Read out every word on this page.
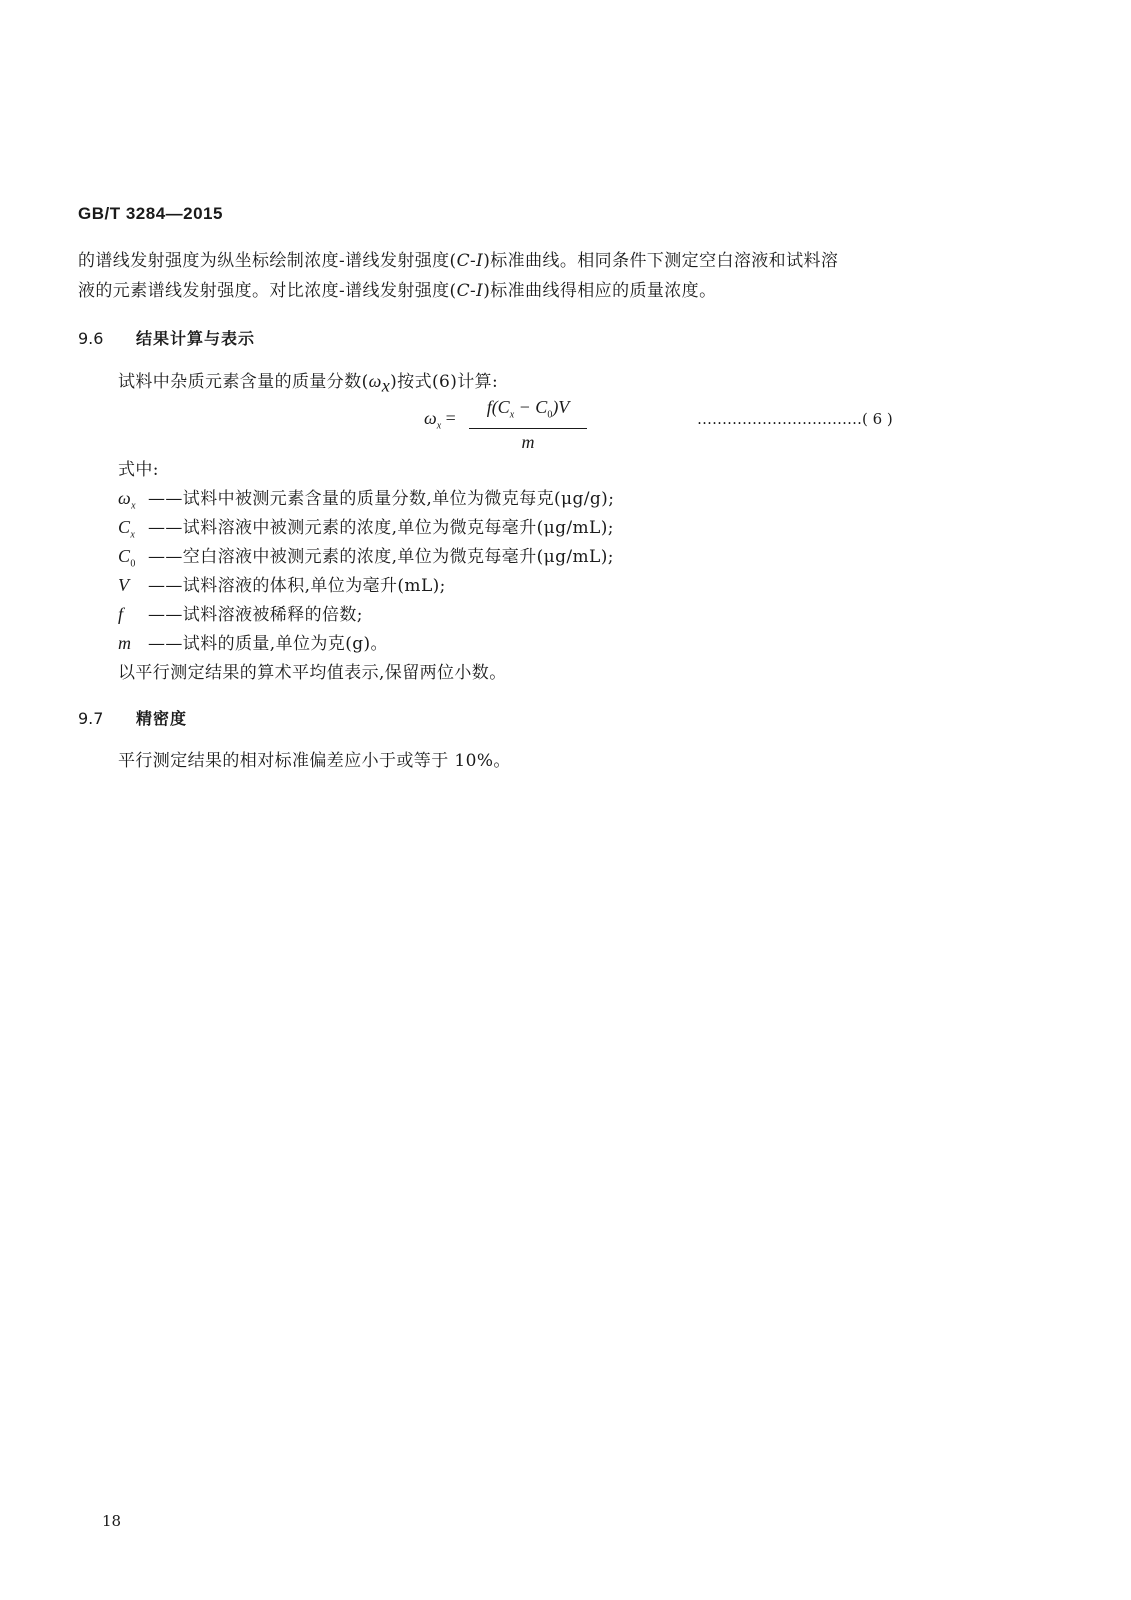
GB/T 3284—2015
的谱线发射强度为纵坐标绘制浓度-谱线发射强度(C-I)标准曲线。相同条件下测定空白溶液和试料溶
液的元素谱线发射强度。对比浓度-谱线发射强度(C-I)标准曲线得相应的质量浓度。
9.6 结果计算与表示
试料中杂质元素含量的质量分数$(\omega_x)$按式(6)计算:
$\omega_x$ =
$f(C_x - C_0)V$
m
……………………………( 6 )
式中:
$\omega_x$ ——试料中被测元素含量的质量分数,单位为微克每克(μg/g);
$C_x$ ——试料溶液中被测元素的浓度,单位为微克每毫升(μg/mL);
$C_0$ ——空白溶液中被测元素的浓度,单位为微克每毫升(μg/mL);
V ——试料溶液的体积,单位为毫升(mL);
f ——试料溶液被稀释的倍数;
m ——试料的质量,单位为克(g)。
以平行测定结果的算术平均值表示,保留两位小数。
9.7 精密度
平行测定结果的相对标准偏差应小于或等于 10%。
18
